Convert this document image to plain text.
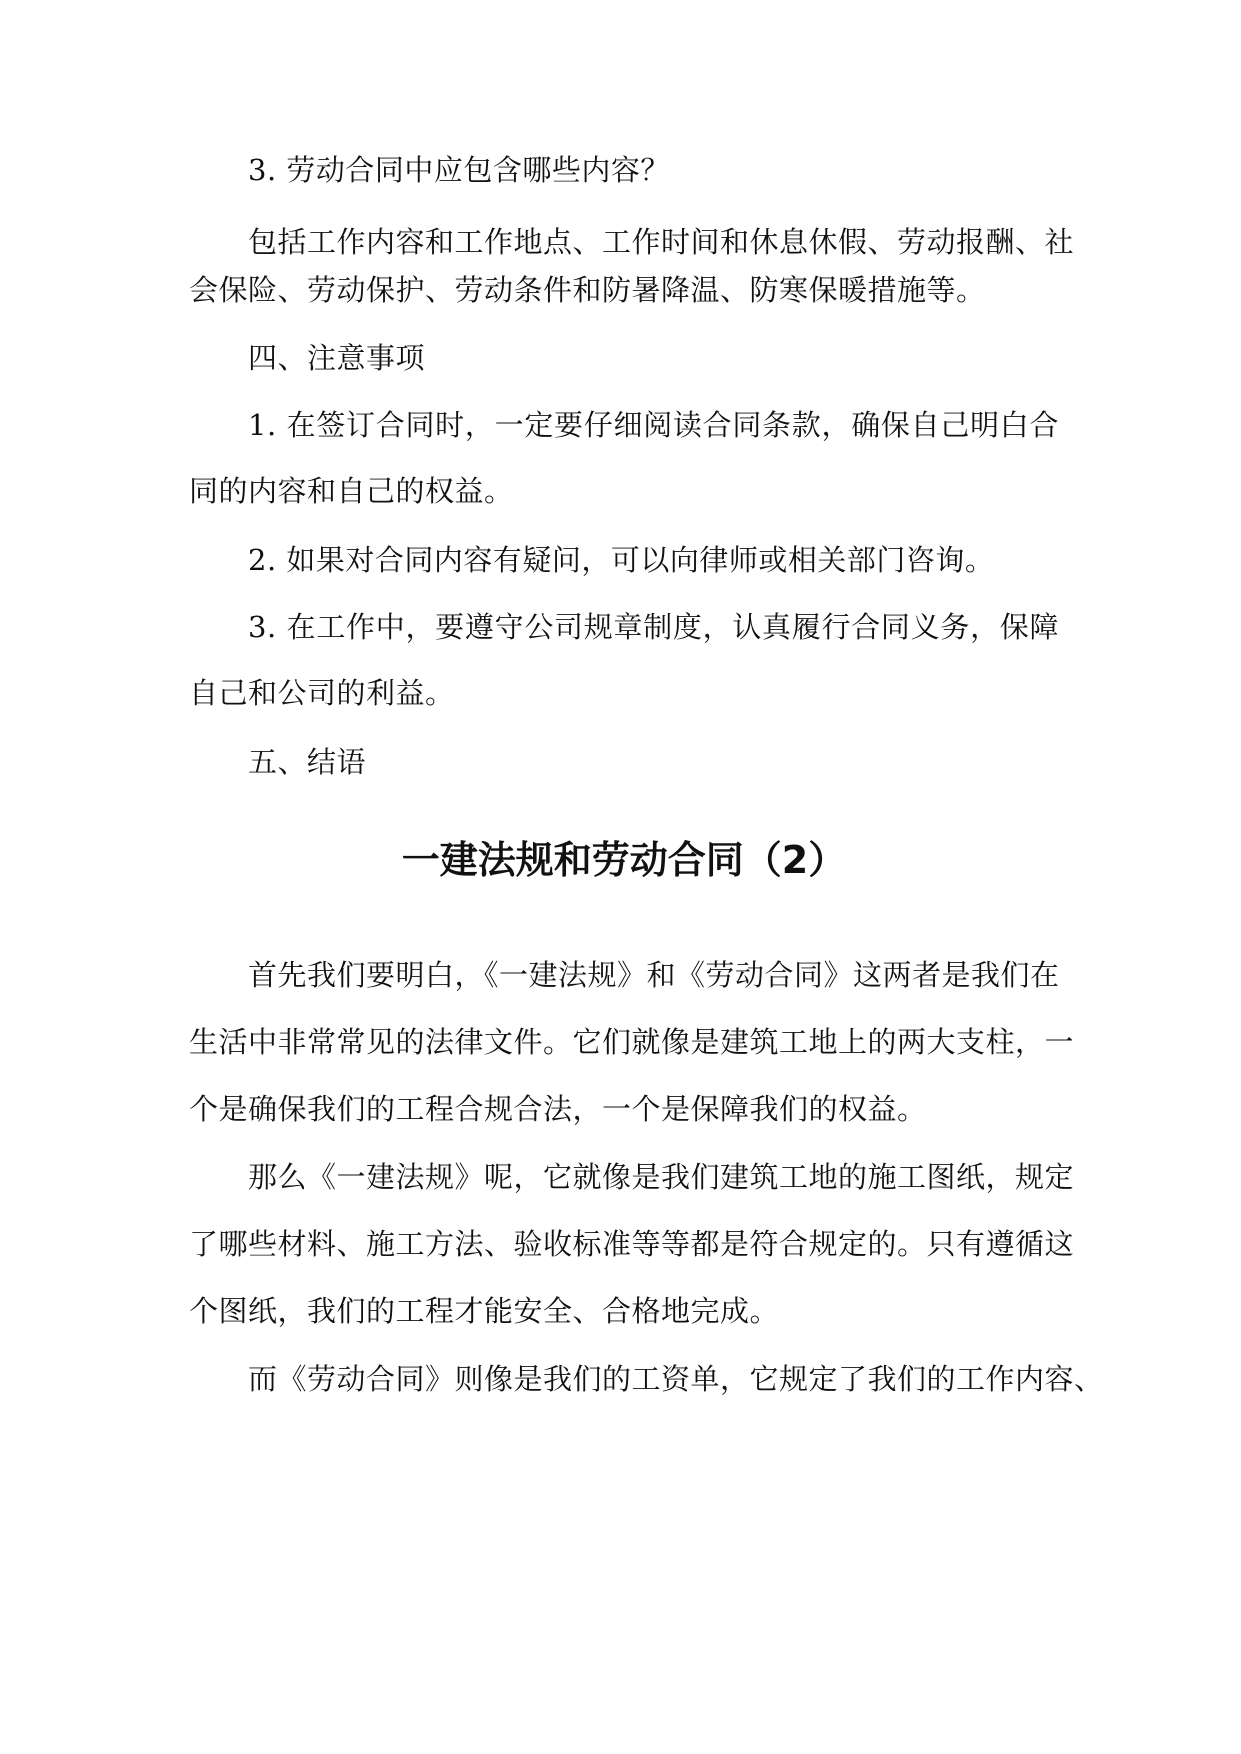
3. 劳动合同中应包含哪些内容？
包括工作内容和工作地点、工作时间和休息休假、劳动报酬、社
会保险、劳动保护、劳动条件和防暑降温、防寒保暖措施等。
四、注意事项
1. 在签订合同时，一定要仔细阅读合同条款，确保自己明白合
同的内容和自己的权益。
2. 如果对合同内容有疑问，可以向律师或相关部门咨询。
3. 在工作中，要遵守公司规章制度，认真履行合同义务，保障
自己和公司的利益。
五、结语
一建法规和劳动合同（2）
首先我们要明白，《一建法规》和《劳动合同》这两者是我们在
生活中非常常见的法律文件。它们就像是建筑工地上的两大支柱，一
个是确保我们的工程合规合法，一个是保障我们的权益。
那么《一建法规》呢，它就像是我们建筑工地的施工图纸，规定
了哪些材料、施工方法、验收标准等等都是符合规定的。只有遵循这
个图纸，我们的工程才能安全、合格地完成。
而《劳动合同》则像是我们的工资单，它规定了我们的工作内容、
